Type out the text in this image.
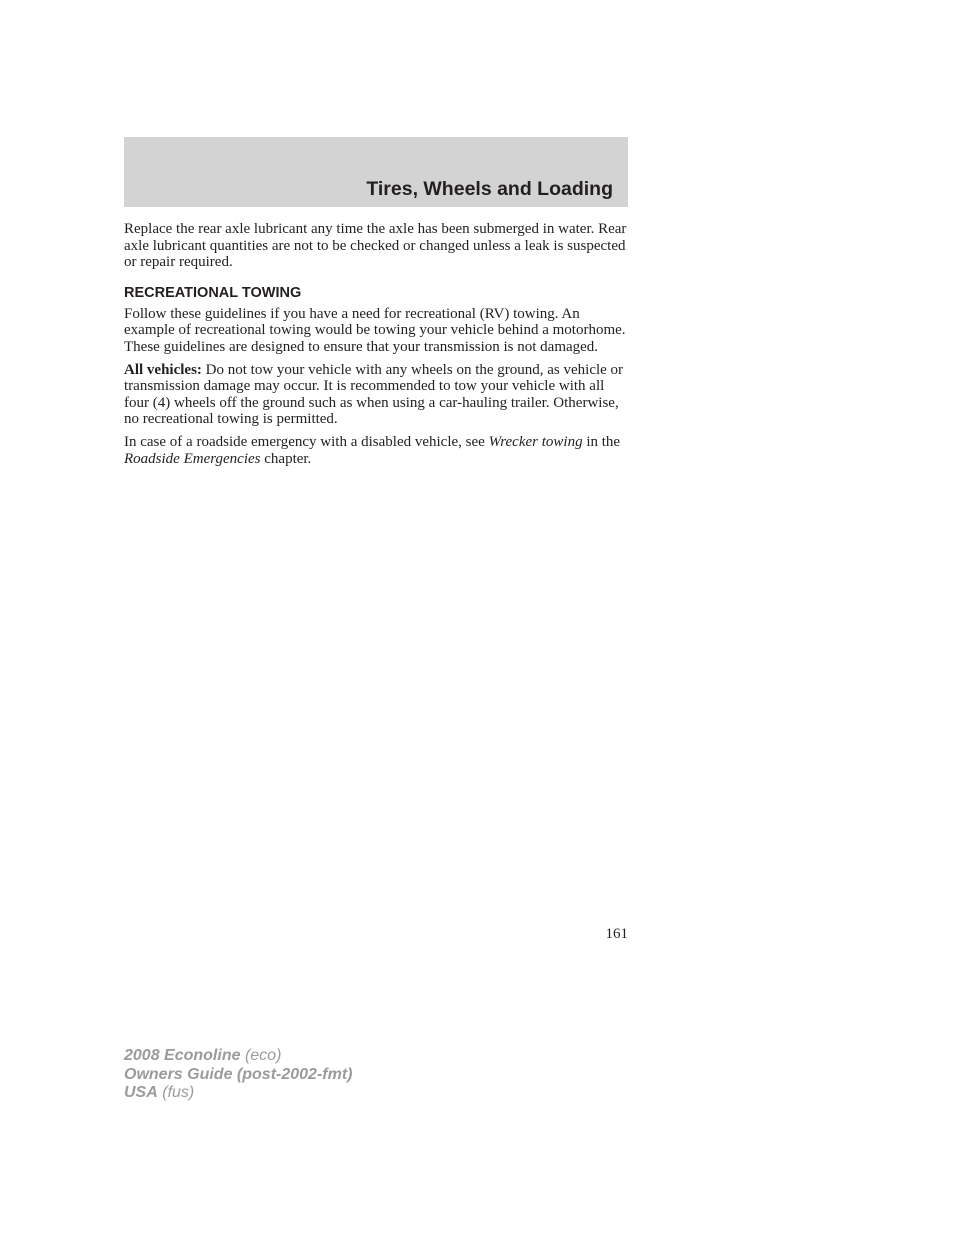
Tires, Wheels and Loading

Replace the rear axle lubricant any time the axle has been submerged in water. Rear axle lubricant quantities are not to be checked or changed unless a leak is suspected or repair required.

RECREATIONAL TOWING

Follow these guidelines if you have a need for recreational (RV) towing. An example of recreational towing would be towing your vehicle behind a motorhome. These guidelines are designed to ensure that your transmission is not damaged.

All vehicles: Do not tow your vehicle with any wheels on the ground, as vehicle or transmission damage may occur. It is recommended to tow your vehicle with all four (4) wheels off the ground such as when using a car-hauling trailer. Otherwise, no recreational towing is permitted.

In case of a roadside emergency with a disabled vehicle, see Wrecker towing in the Roadside Emergencies chapter.

161
2008 Econoline (eco)
Owners Guide (post-2002-fmt)
USA (fus)
